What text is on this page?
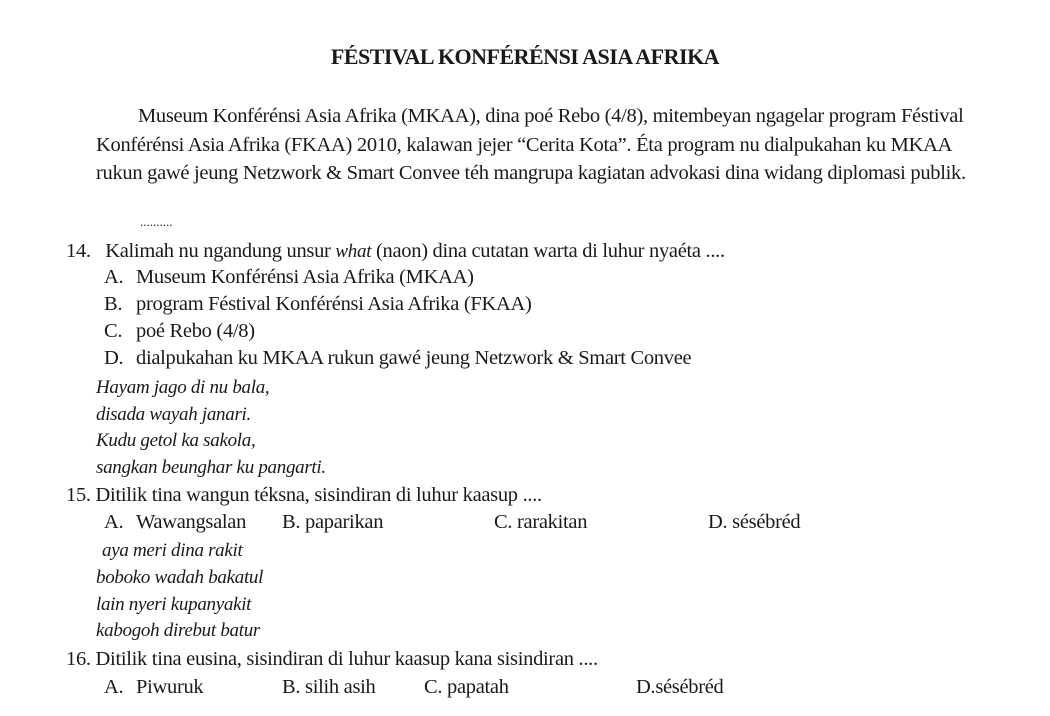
FÉSTIVAL KONFÉRÉNSI ASIA AFRIKA
Museum Konférénsi Asia Afrika (MKAA), dina poé Rebo (4/8), mitembeyan ngagelar program Féstival Konférénsi Asia Afrika (FKAA) 2010, kalawan jejer “Cerita Kota”. Éta program nu dialpukahan ku MKAA rukun gawé jeung Netzwork & Smart Convee téh mangrupa kagiatan advokasi dina widang diplomasi publik.
..........
14. Kalimah nu ngandung unsur what (naon) dina cutatan warta di luhur nyaéta ....
A. Museum Konférénsi Asia Afrika (MKAA)
B. program Féstival Konférénsi Asia Afrika (FKAA)
C. poé Rebo (4/8)
D. dialpukahan ku MKAA rukun gawé jeung Netzwork & Smart Convee
Hayam jago di nu bala,
disada wayah janari.
Kudu getol ka sakola,
sangkan beunghar ku pangarti.
15. Ditilik tina wangun téksna, sisindiran di luhur kaasup ....
A. Wawangsalan B. paparikan	C. rarakitan	D. sésébréd
aya meri dina rakit
boboko wadah bakatul
lain nyeri kupanyakit
kabogoh direbut batur
16. Ditilik tina eusina, sisindiran di luhur kaasup kana sisindiran ....
A. Piwuruk	B. silih asih C. papatah	D.sésébréd
